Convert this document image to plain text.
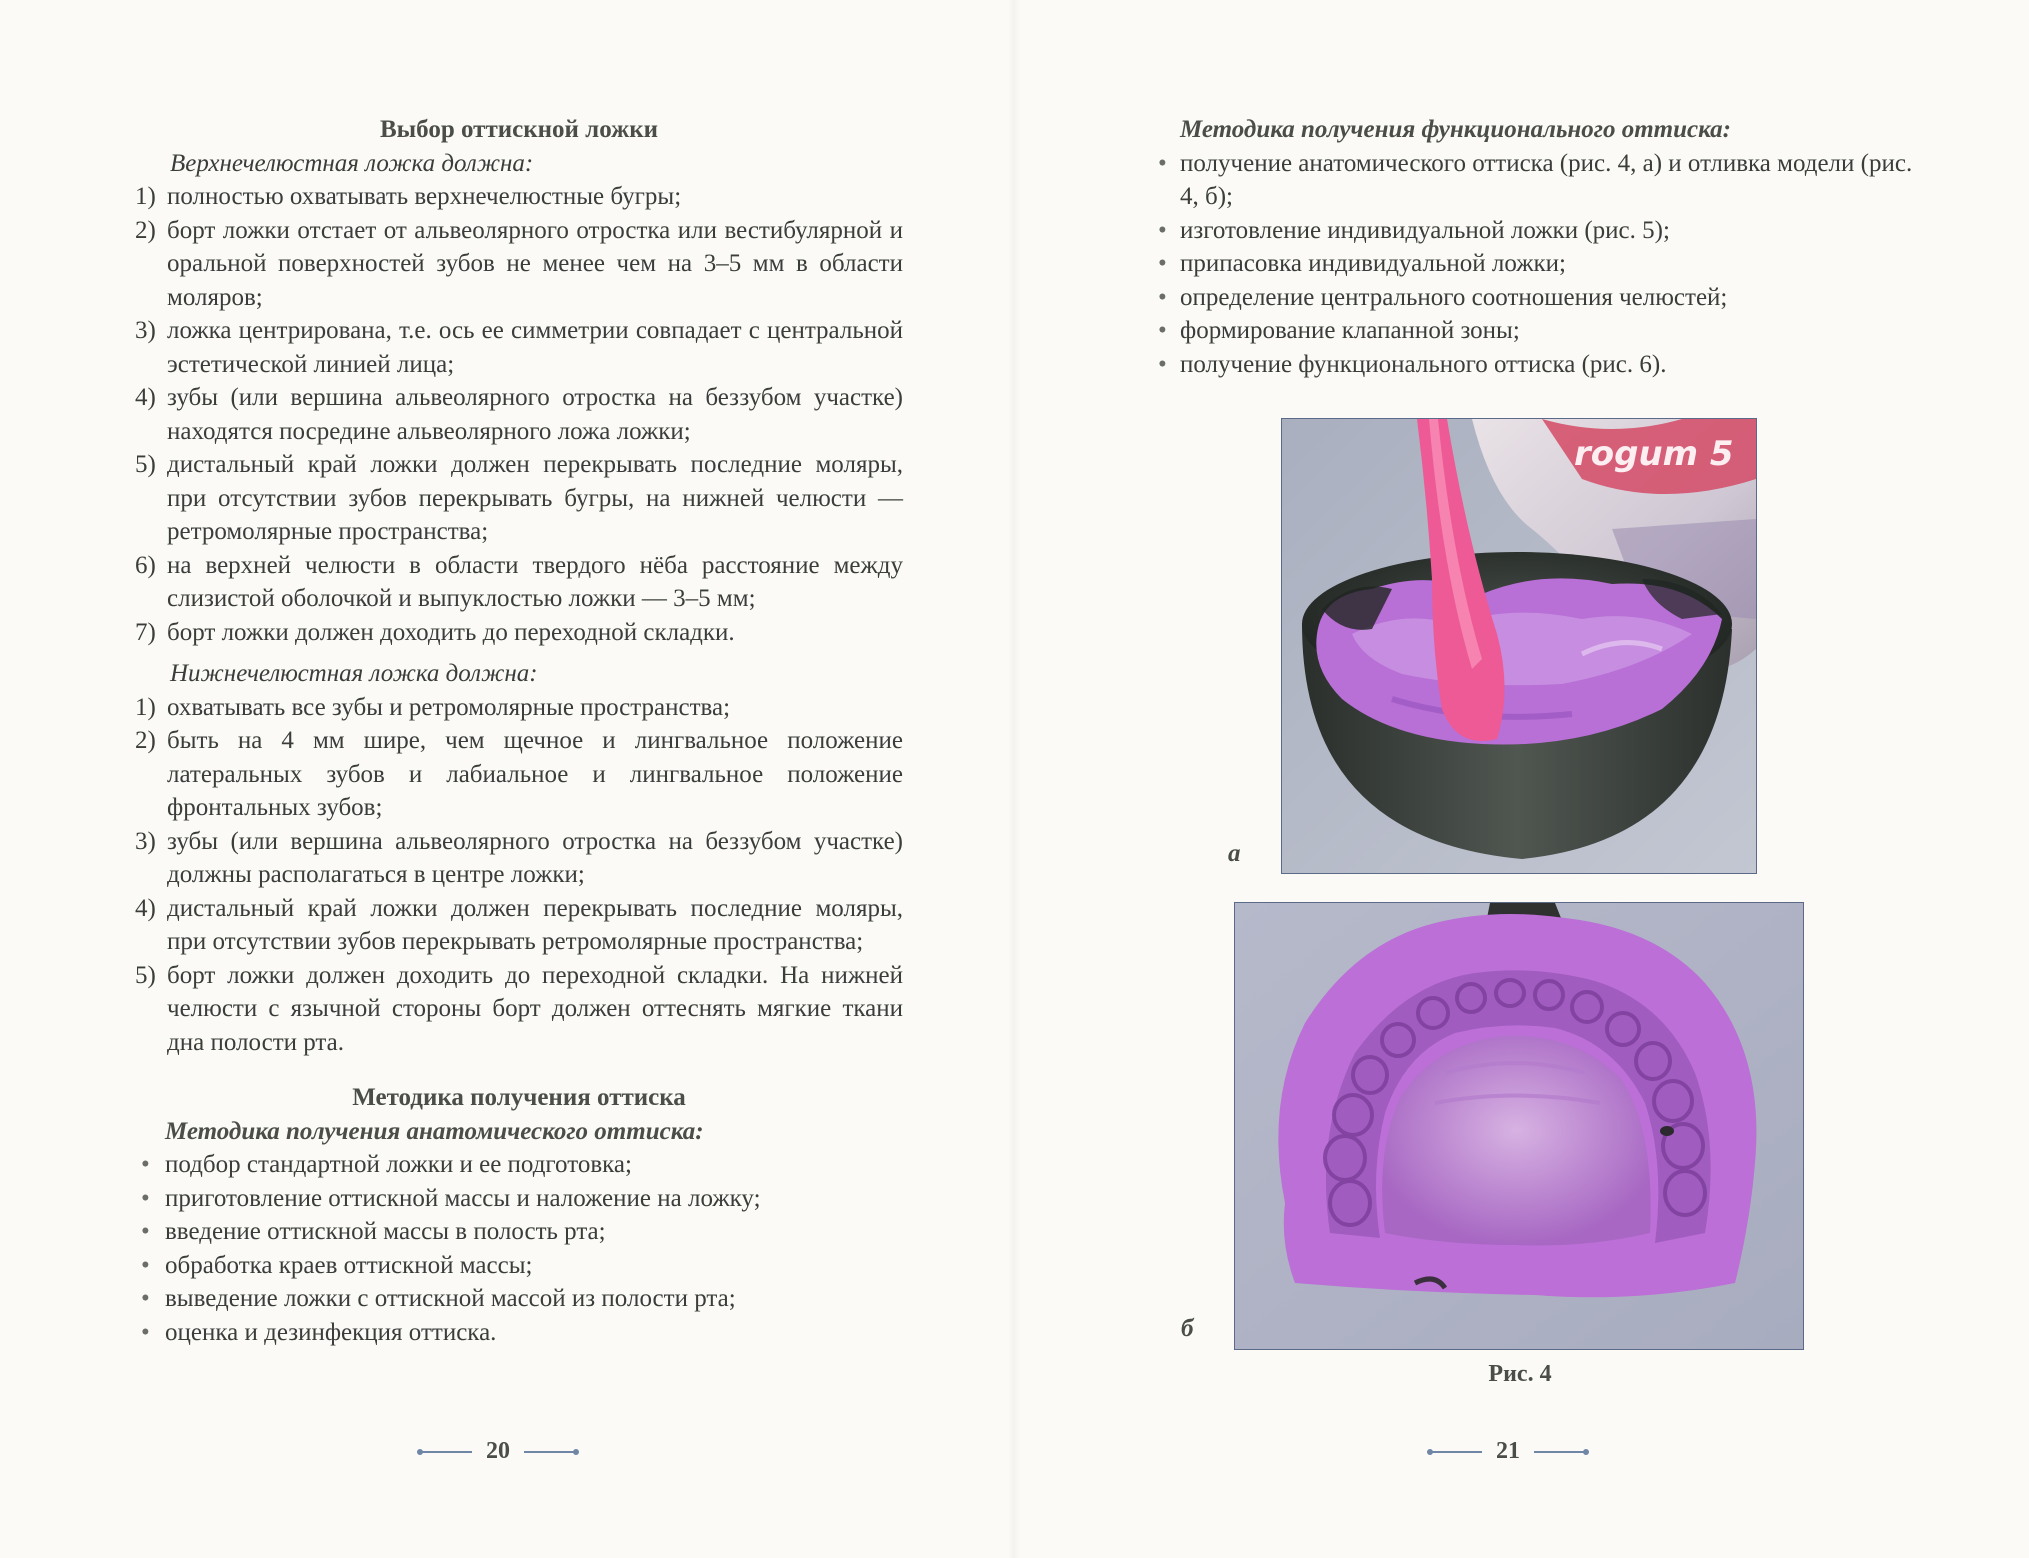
Выбор оттискной ложки
Верхнечелюстная ложка должна:
1) полностью охватывать верхнечелюстные бугры;
2) борт ложки отстает от альвеолярного отростка или вестибулярной и оральной поверхностей зубов не менее чем на 3–5 мм в области моляров;
3) ложка центрирована, т.е. ось ее симметрии совпадает с центральной эстетической линией лица;
4) зубы (или вершина альвеолярного отростка на беззубом участке) находятся посредине альвеолярного ложа ложки;
5) дистальный край ложки должен перекрывать последние моляры, при отсутствии зубов перекрывать бугры, на нижней челюсти — ретромолярные пространства;
6) на верхней челюсти в области твердого нёба расстояние между слизистой оболочкой и выпуклостью ложки — 3–5 мм;
7) борт ложки должен доходить до переходной складки.
Нижнечелюстная ложка должна:
1) охватывать все зубы и ретромолярные пространства;
2) быть на 4 мм шире, чем щечное и лингвальное положение латеральных зубов и лабиальное и лингвальное положение фронтальных зубов;
3) зубы (или вершина альвеолярного отростка на беззубом участке) должны располагаться в центре ложки;
4) дистальный край ложки должен перекрывать последние моляры, при отсутствии зубов перекрывать ретромолярные пространства;
5) борт ложки должен доходить до переходной складки. На нижней челюсти с язычной стороны борт должен оттеснять мягкие ткани дна полости рта.
Методика получения оттиска
Методика получения анатомического оттиска:
• подбор стандартной ложки и ее подготовка;
• приготовление оттискной массы и наложение на ложку;
• введение оттискной массы в полость рта;
• обработка краев оттискной массы;
• выведение ложки с оттискной массой из полости рта;
• оценка и дезинфекция оттиска.
20
Методика получения функционального оттиска:
• получение анатомического оттиска (рис. 4, а) и отливка модели (рис. 4, б);
• изготовление индивидуальной ложки (рис. 5);
• припасовка индивидуальной ложки;
• определение центрального соотношения челюстей;
• формирование клапанной зоны;
• получение функционального оттиска (рис. 6).
rogum 5
а
б
Рис. 4
21
